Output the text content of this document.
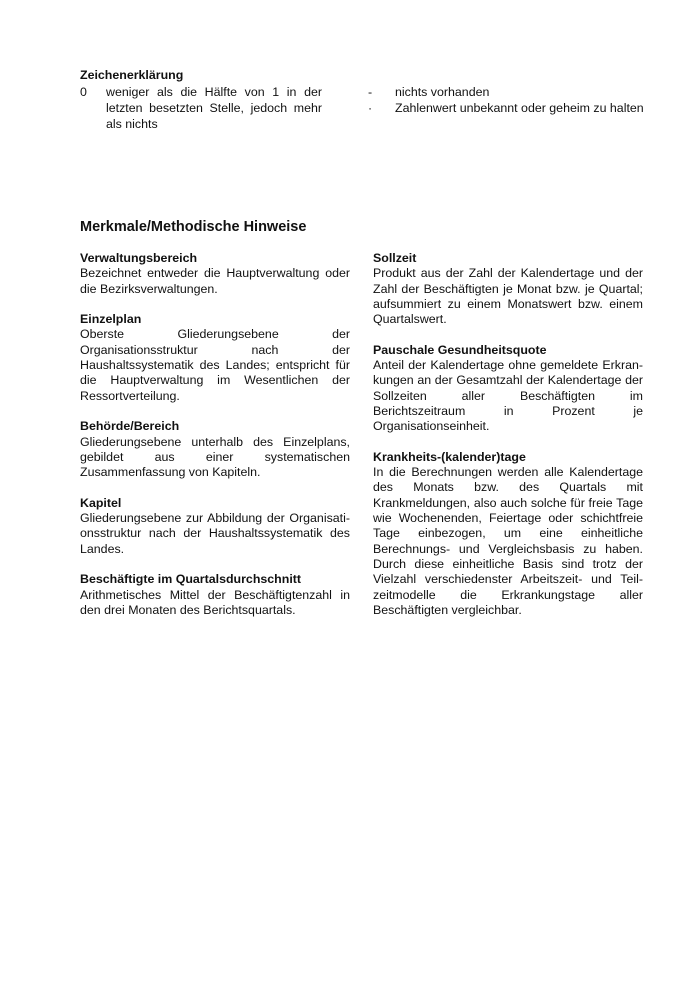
Zeichenerklärung
0 weniger als die Hälfte von 1 in der letzten besetzten Stelle, jedoch mehr als nichts
- nichts vorhanden
· Zahlenwert unbekannt oder geheim zu halten
Merkmale/Methodische Hinweise
Verwaltungsbereich
Bezeichnet entweder die Hauptverwaltung oder die Bezirksverwaltungen.
Einzelplan
Oberste Gliederungsebene der Organisationsstruktur nach der Haushaltssystematik des Landes; entspricht für die Hauptverwaltung im Wesentlichen der Ressortverteilung.
Behörde/Bereich
Gliederungsebene unterhalb des Einzelplans, gebildet aus einer systematischen Zusammenfassung von Kapiteln.
Kapitel
Gliederungsebene zur Abbildung der Organisationsstruktur nach der Haushaltssystematik des Landes.
Beschäftigte im Quartalsdurchschnitt
Arithmetisches Mittel der Beschäftigtenzahl in den drei Monaten des Berichtsquartals.
Sollzeit
Produkt aus der Zahl der Kalendertage und der Zahl der Beschäftigten je Monat bzw. je Quartal; aufsummiert zu einem Monatswert bzw. einem Quartalswert.
Pauschale Gesundheitsquote
Anteil der Kalendertage ohne gemeldete Erkrankungen an der Gesamtzahl der Kalendertage der Sollzeiten aller Beschäftigten im Berichtszeitraum in Prozent je Organisationseinheit.
Krankheits-(kalender)tage
In die Berechnungen werden alle Kalendertage des Monats bzw. des Quartals mit Krankmeldungen, also auch solche für freie Tage wie Wochenenden, Feiertage oder schichtfreie Tage einbezogen, um eine einheitliche Berechnungs- und Vergleichsbasis zu haben. Durch diese einheitliche Basis sind trotz der Vielzahl verschiedenster Arbeitszeit- und Teilzeitmodelle die Erkrankungstage aller Beschäftigten vergleichbar.
